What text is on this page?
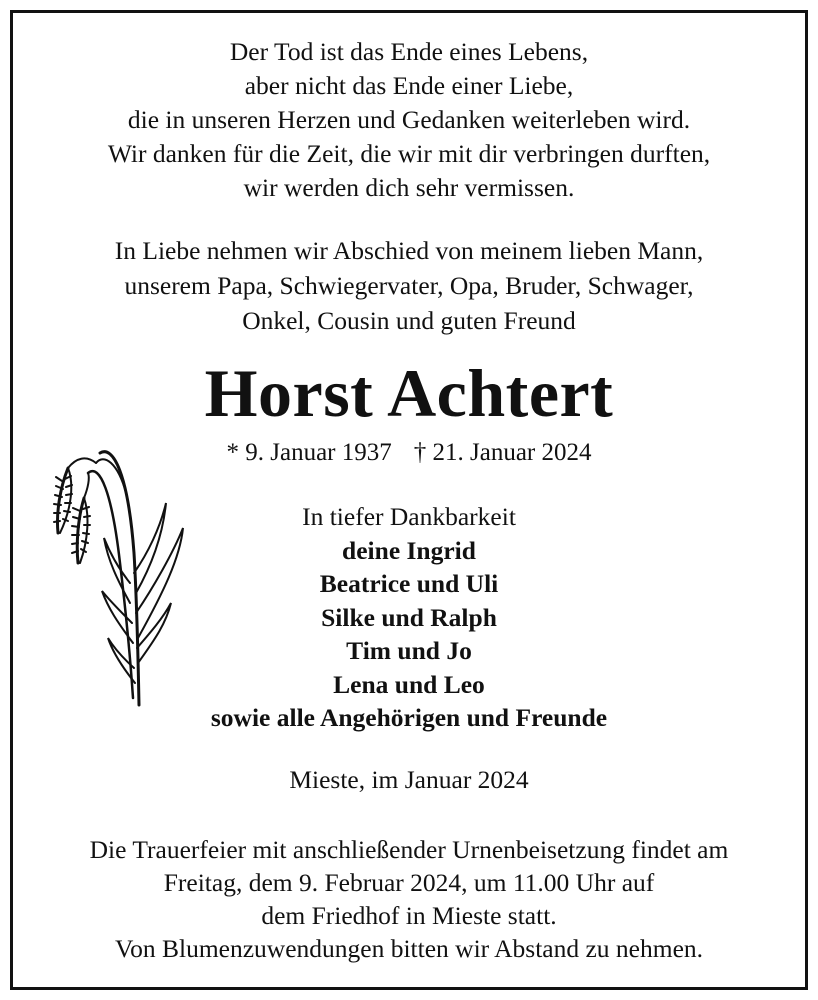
Der Tod ist das Ende eines Lebens,
aber nicht das Ende einer Liebe,
die in unseren Herzen und Gedanken weiterleben wird.
Wir danken für die Zeit, die wir mit dir verbringen durften,
wir werden dich sehr vermissen.
In Liebe nehmen wir Abschied von meinem lieben Mann,
unserem Papa, Schwiegervater, Opa, Bruder, Schwager,
Onkel, Cousin und guten Freund
Horst Achtert
* 9. Januar 1937 † 21. Januar 2024
In tiefer Dankbarkeit
deine Ingrid
Beatrice und Uli
Silke und Ralph
Tim und Jo
Lena und Leo
sowie alle Angehörigen und Freunde
Mieste, im Januar 2024
Die Trauerfeier mit anschließender Urnenbeisetzung findet am
Freitag, dem 9. Februar 2024, um 11.00 Uhr auf
dem Friedhof in Mieste statt.
Von Blumenzuwendungen bitten wir Abstand zu nehmen.
